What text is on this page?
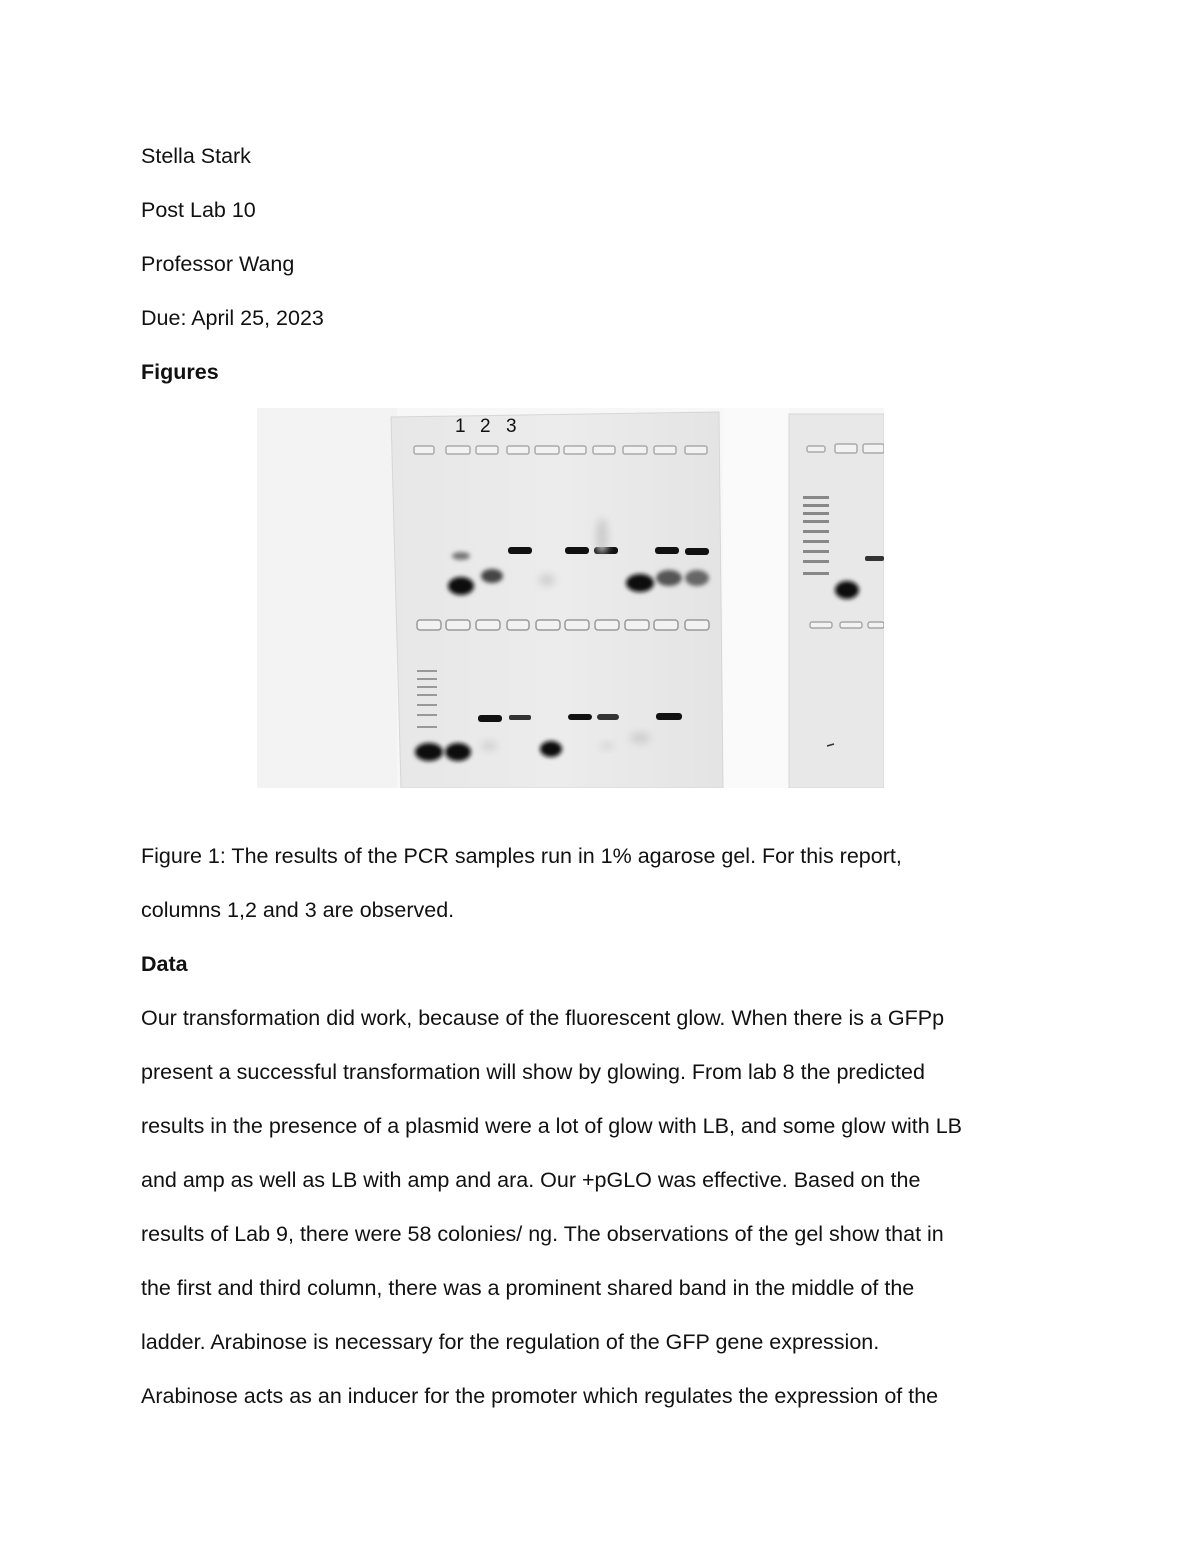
Stella Stark
Post Lab 10
Professor Wang
Due: April 25, 2023
Figures
1 2 3
Figure 1: The results of the PCR samples run in 1% agarose gel. For this report,
columns 1,2 and 3 are observed.
Data
Our transformation did work, because of the fluorescent glow. When there is a GFPp
present a successful transformation will show by glowing. From lab 8 the predicted
results in the presence of a plasmid were a lot of glow with LB, and some glow with LB
and amp as well as LB with amp and ara. Our +pGLO was effective. Based on the
results of Lab 9, there were 58 colonies/ ng. The observations of the gel show that in
the first and third column, there was a prominent shared band in the middle of the
ladder. Arabinose is necessary for the regulation of the GFP gene expression.
Arabinose acts as an inducer for the promoter which regulates the expression of the
